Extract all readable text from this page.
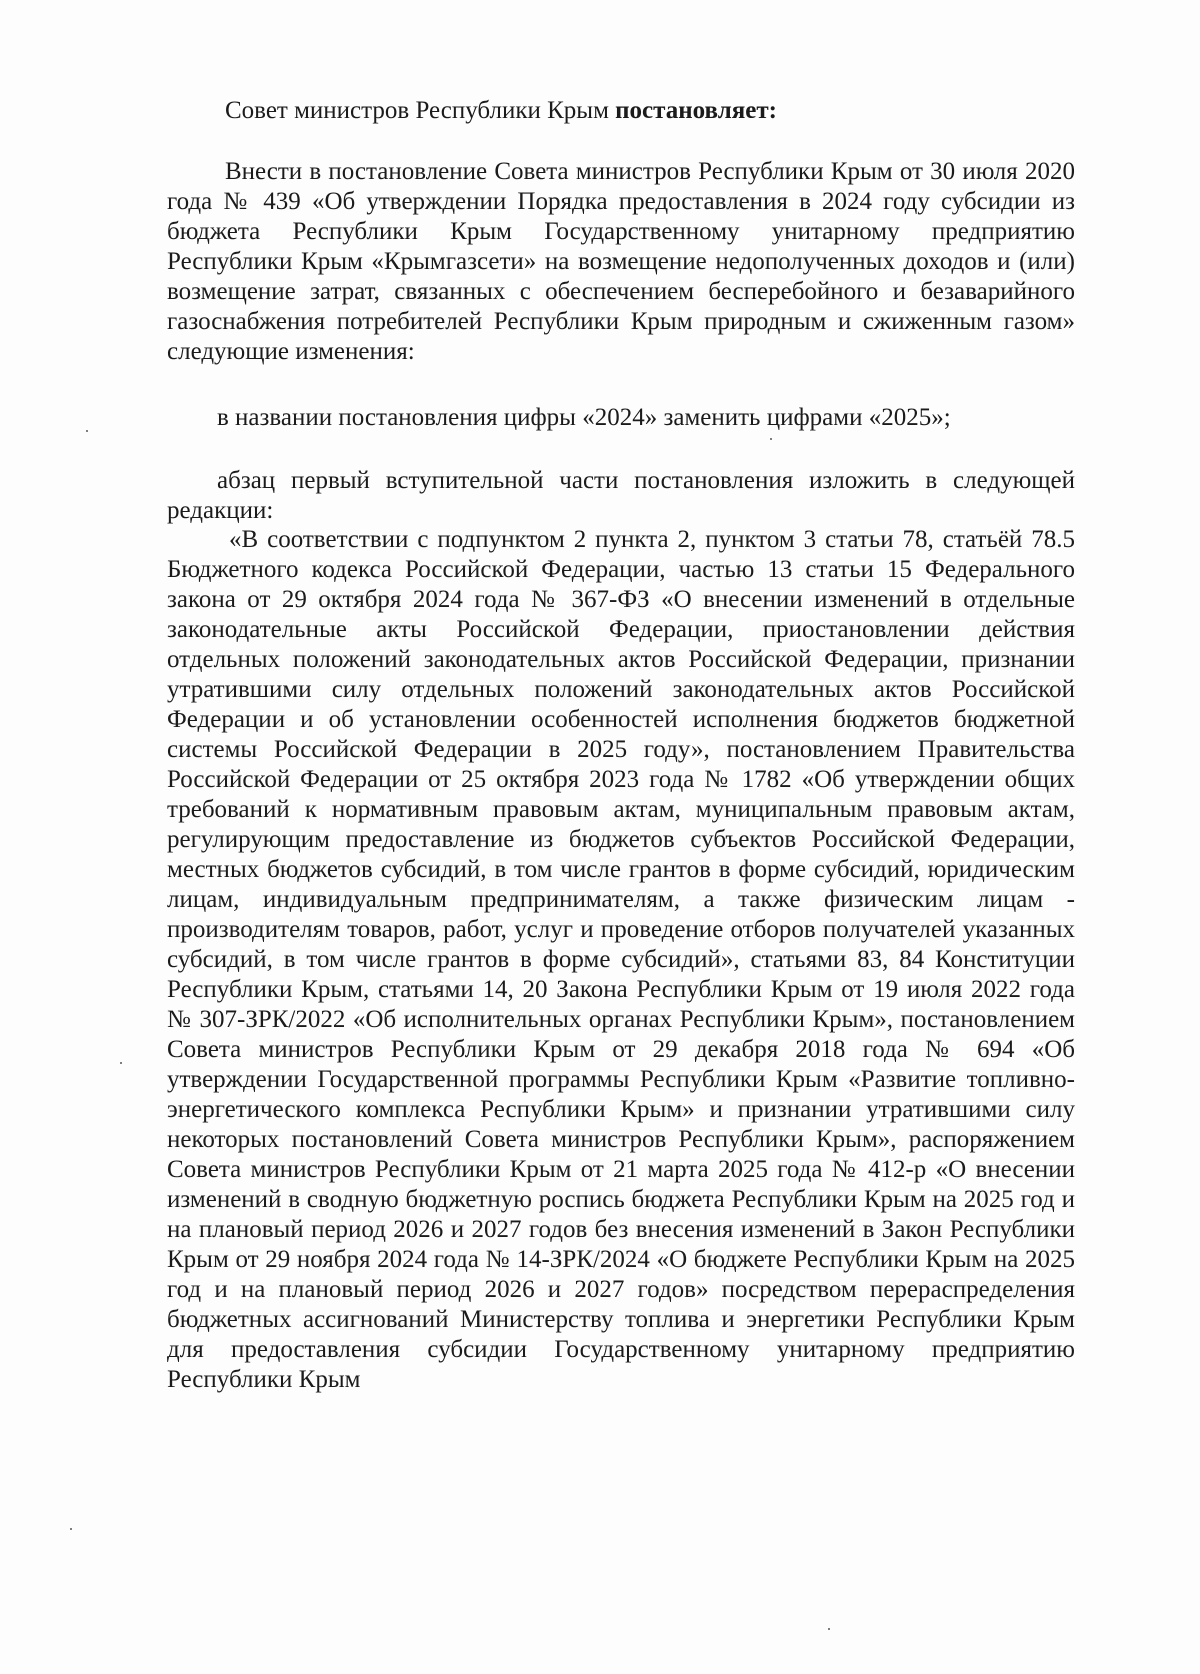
Совет министров Республики Крым постановляет:

Внести в постановление Совета министров Республики Крым от 30 июля 2020 года № 439 «Об утверждении Порядка предоставления в 2024 году субсидии из бюджета Республики Крым Государственному унитарному предприятию Республики Крым «Крымгазсети» на возмещение недополученных доходов и (или) возмещение затрат, связанных с обеспечением бесперебойного и безаварийного газоснабжения потребителей Республики Крым природным и сжиженным газом» следующие изменения:

в названии постановления цифры «2024» заменить цифрами «2025»;

абзац первый вступительной части постановления изложить в следующей редакции:

«В соответствии с подпунктом 2 пункта 2, пунктом 3 статьи 78, статьёй 78.5 Бюджетного кодекса Российской Федерации, частью 13 статьи 15 Федерального закона от 29 октября 2024 года № 367-ФЗ «О внесении изменений в отдельные законодательные акты Российской Федерации, приостановлении действия отдельных положений законодательных актов Российской Федерации, признании утратившими силу отдельных положений законодательных актов Российской Федерации и об установлении особенностей исполнения бюджетов бюджетной системы Российской Федерации в 2025 году», постановлением Правительства Российской Федерации от 25 октября 2023 года № 1782 «Об утверждении общих требований к нормативным правовым актам, муниципальным правовым актам, регулирующим предоставление из бюджетов субъектов Российской Федерации, местных бюджетов субсидий, в том числе грантов в форме субсидий, юридическим лицам, индивидуальным предпринимателям, а также физическим лицам - производителям товаров, работ, услуг и проведение отборов получателей указанных субсидий, в том числе грантов в форме субсидий», статьями 83, 84 Конституции Республики Крым, статьями 14, 20 Закона Республики Крым от 19 июля 2022 года № 307-ЗРК/2022 «Об исполнительных органах Республики Крым», постановлением Совета министров Республики Крым от 29 декабря 2018 года № 694 «Об утверждении Государственной программы Республики Крым «Развитие топливно-энергетического комплекса Республики Крым» и признании утратившими силу некоторых постановлений Совета министров Республики Крым», распоряжением Совета министров Республики Крым от 21 марта 2025 года № 412-р «О внесении изменений в сводную бюджетную роспись бюджета Республики Крым на 2025 год и на плановый период 2026 и 2027 годов без внесения изменений в Закон Республики Крым от 29 ноября 2024 года № 14-ЗРК/2024 «О бюджете Республики Крым на 2025 год и на плановый период 2026 и 2027 годов» посредством перераспределения бюджетных ассигнований Министерству топлива и энергетики Республики Крым для предоставления субсидии Государственному унитарному предприятию Республики Крым
